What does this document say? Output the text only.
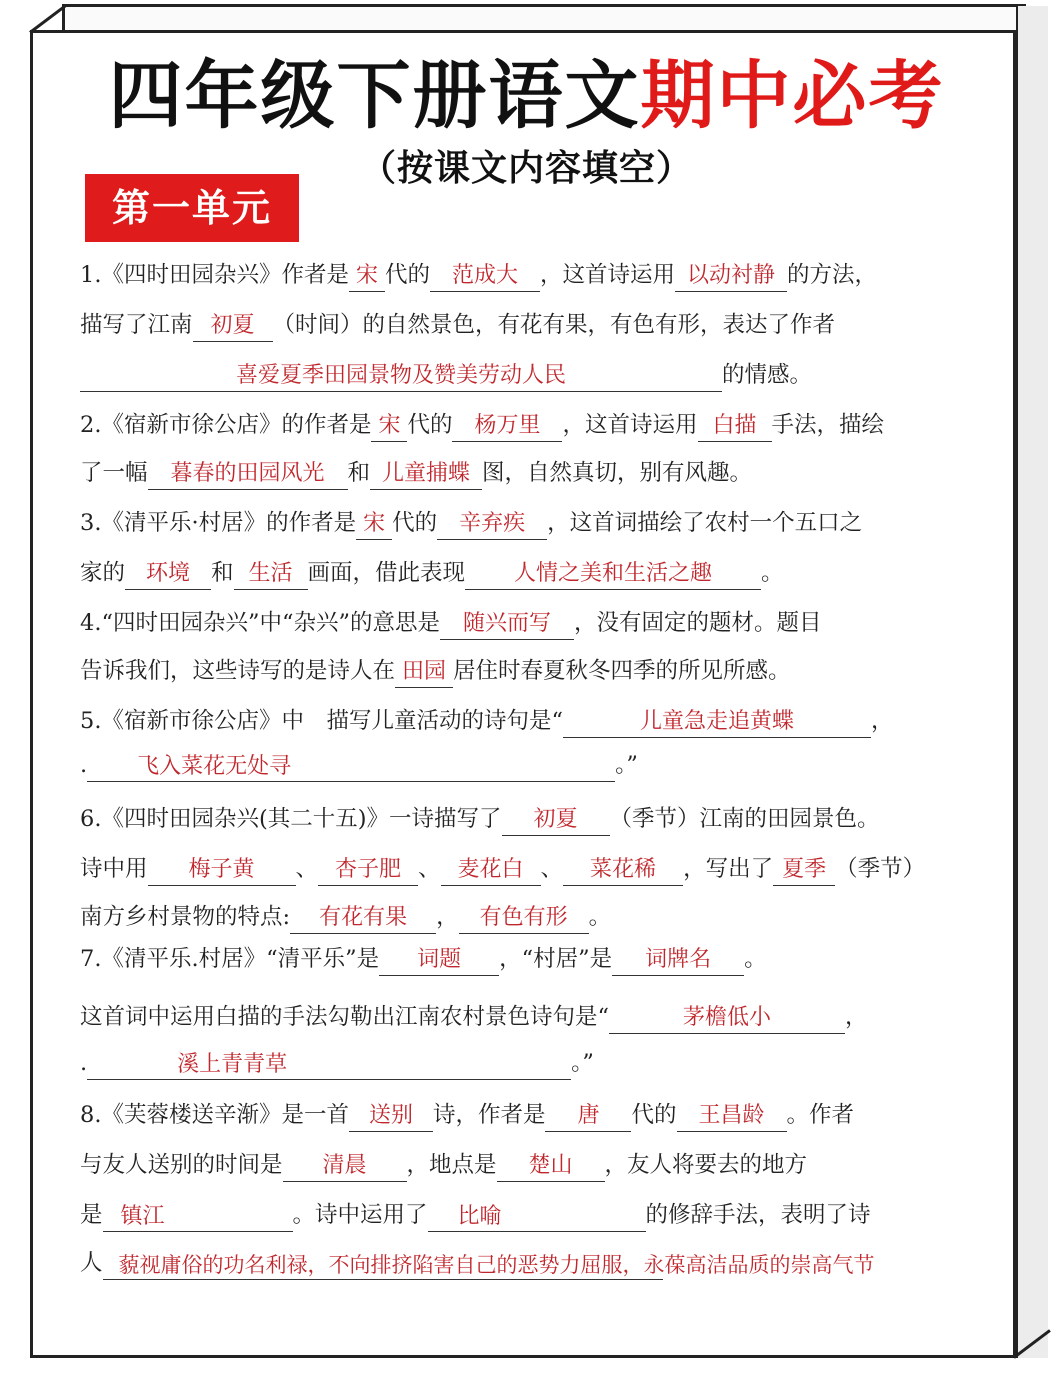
四年级下册语文期中必考
（按课文内容填空）
第一单元
1.《四时田园杂兴》作者是 宋 代的 范成大 ，这首诗运用 以动衬静 的方法，
描写了江南 初夏 （时间）的自然景色，有花有果，有色有形，表达了作者
喜爱夏季田园景物及赞美劳动人民	的情感。
2.《宿新市徐公店》的作者是 宋 代的 杨万里 ，这首诗运用 白描 手法，描绘
了一幅 暮春的田园风光 和 儿童捕蝶 图，自然真切，别有风趣。
3.《清平乐·村居》的作者是 宋 代的 辛弃疾 ，这首词描绘了农村一个五口之
家的 环境 和 生活 画面，借此表现 人情之美和生活之趣 。
4.“四时田园杂兴”中“杂兴”的意思是 随兴而写 ，没有固定的题材。题目
告诉我们，这些诗写的是诗人在 田园 居住时春夏秋冬四季的所见所感。
5.《宿新市徐公店》中　描写儿童活动的诗句是“	儿童急走追黄蝶	，
. 飞入菜花无处寻	。”
6.《四时田园杂兴(其二十五)》一诗描写了 初夏 （季节）江南的田园景色。
诗中用 梅子黄 、 杏子肥 、 麦花白 、 菜花稀 ，写出了 夏季 （季节）
南方乡村景物的特点: 有花有果 ， 有色有形 。
7.《清平乐.村居》“清平乐”是 词题 ，“村居”是 词牌名 。
这首词中运用白描的手法勾勒出江南农村景色诗句是“	茅檐低小	，
.	溪上青青草	。”
8.《芙蓉楼送辛渐》是一首 送别 诗，作者是 唐 代的 王昌龄 。作者
与友人送别的时间是 清晨 ，地点是 楚山 ，友人将要去的地方
是 镇江	。诗中运用了 比喻	的修辞手法，表明了诗
人 藐视庸俗的功名利禄，不向排挤陷害自己的恶势力屈服，永葆高洁品质的崇高气节
